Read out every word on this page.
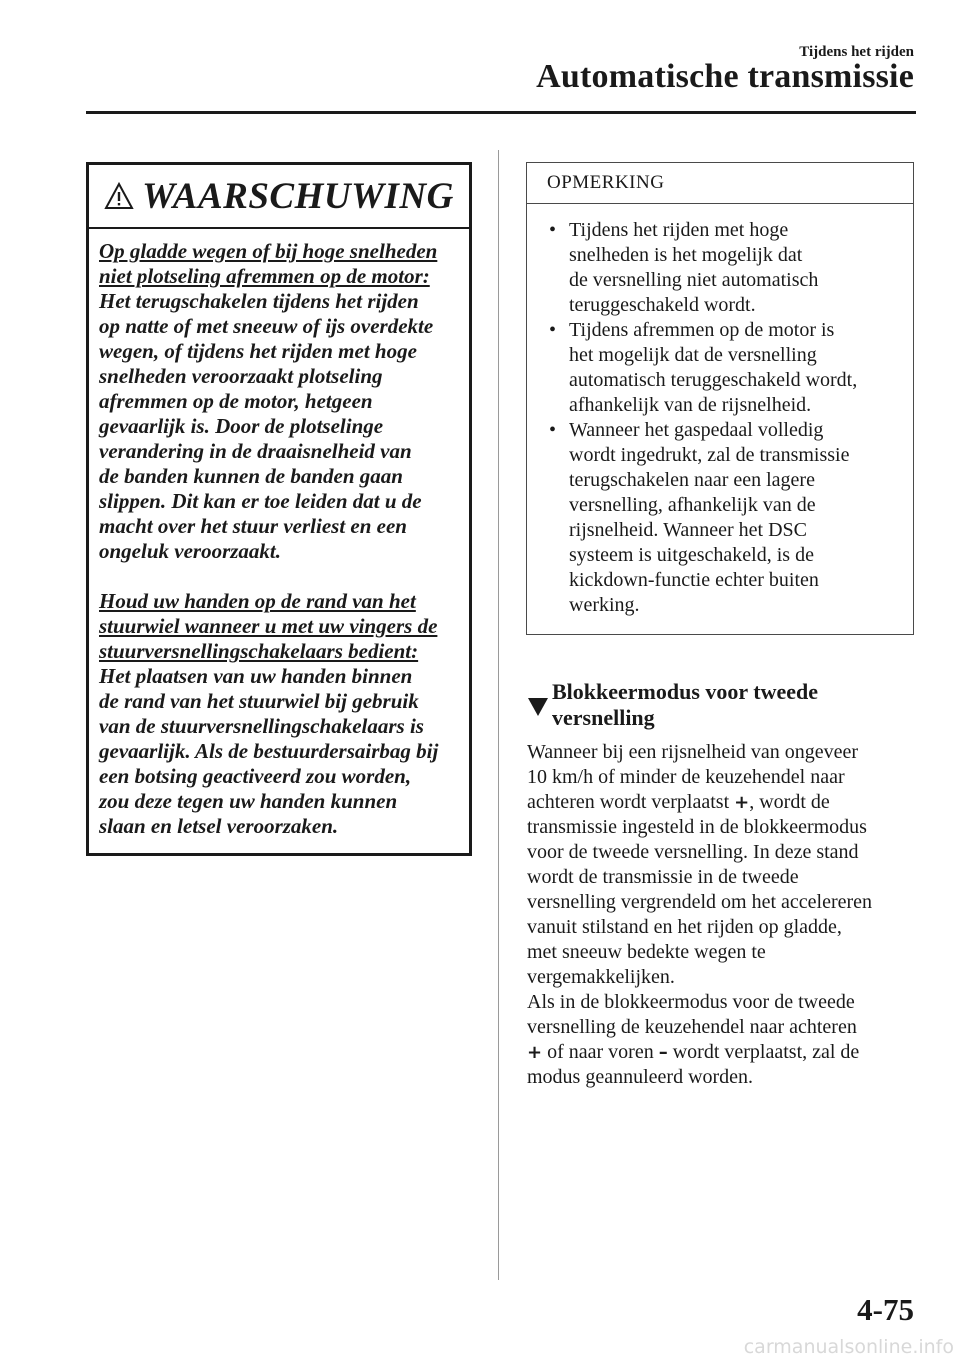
Tijdens het rijden
Automatische transmissie
WAARSCHUWING

Op gladde wegen of bij hoge snelheden

niet plotseling afremmen op de motor:

Het terugschakelen tijdens het rijden

op natte of met sneeuw of ijs overdekte

wegen, of tijdens het rijden met hoge

snelheden veroorzaakt plotseling

afremmen op de motor, hetgeen

gevaarlijk is. Door de plotselinge

verandering in de draaisnelheid van

de banden kunnen de banden gaan

slippen. Dit kan er toe leiden dat u de

macht over het stuur verliest en een

ongeluk veroorzaakt.

Houd uw handen op de rand van het

stuurwiel wanneer u met uw vingers de

stuurversnellingschakelaars bedient:

Het plaatsen van uw handen binnen

de rand van het stuurwiel bij gebruik

van de stuurversnellingschakelaars is

gevaarlijk. Als de bestuurdersairbag bij

een botsing geactiveerd zou worden,

zou deze tegen uw handen kunnen

slaan en letsel veroorzaken.

OPMERKING
• Tijdens het rijden met hoge
snelheden is het mogelijk dat
de versnelling niet automatisch
teruggeschakeld wordt.
• Tijdens afremmen op de motor is
het mogelijk dat de versnelling
automatisch teruggeschakeld wordt,
afhankelijk van de rijsnelheid.
• Wanneer het gaspedaal volledig
wordt ingedrukt, zal de transmissie
terugschakelen naar een lagere
versnelling, afhankelijk van de
rijsnelheid. Wanneer het DSC
systeem is uitgeschakeld, is de
kickdown-functie echter buiten
werking.
Blokkeermodus voor tweede
versnelling

Wanneer bij een rijsnelheid van ongeveer

10 km/h of minder de keuzehendel naar

achteren wordt verplaatst +, wordt de

transmissie ingesteld in de blokkeermodus

voor de tweede versnelling. In deze stand

wordt de transmissie in de tweede

versnelling vergrendeld om het accelereren

vanuit stilstand en het rijden op gladde,

met sneeuw bedekte wegen te

vergemakkelijken.

Als in de blokkeermodus voor de tweede

versnelling de keuzehendel naar achteren

+ of naar voren – wordt verplaatst, zal de

modus geannuleerd worden.

4-75
carmanualsonline.info
